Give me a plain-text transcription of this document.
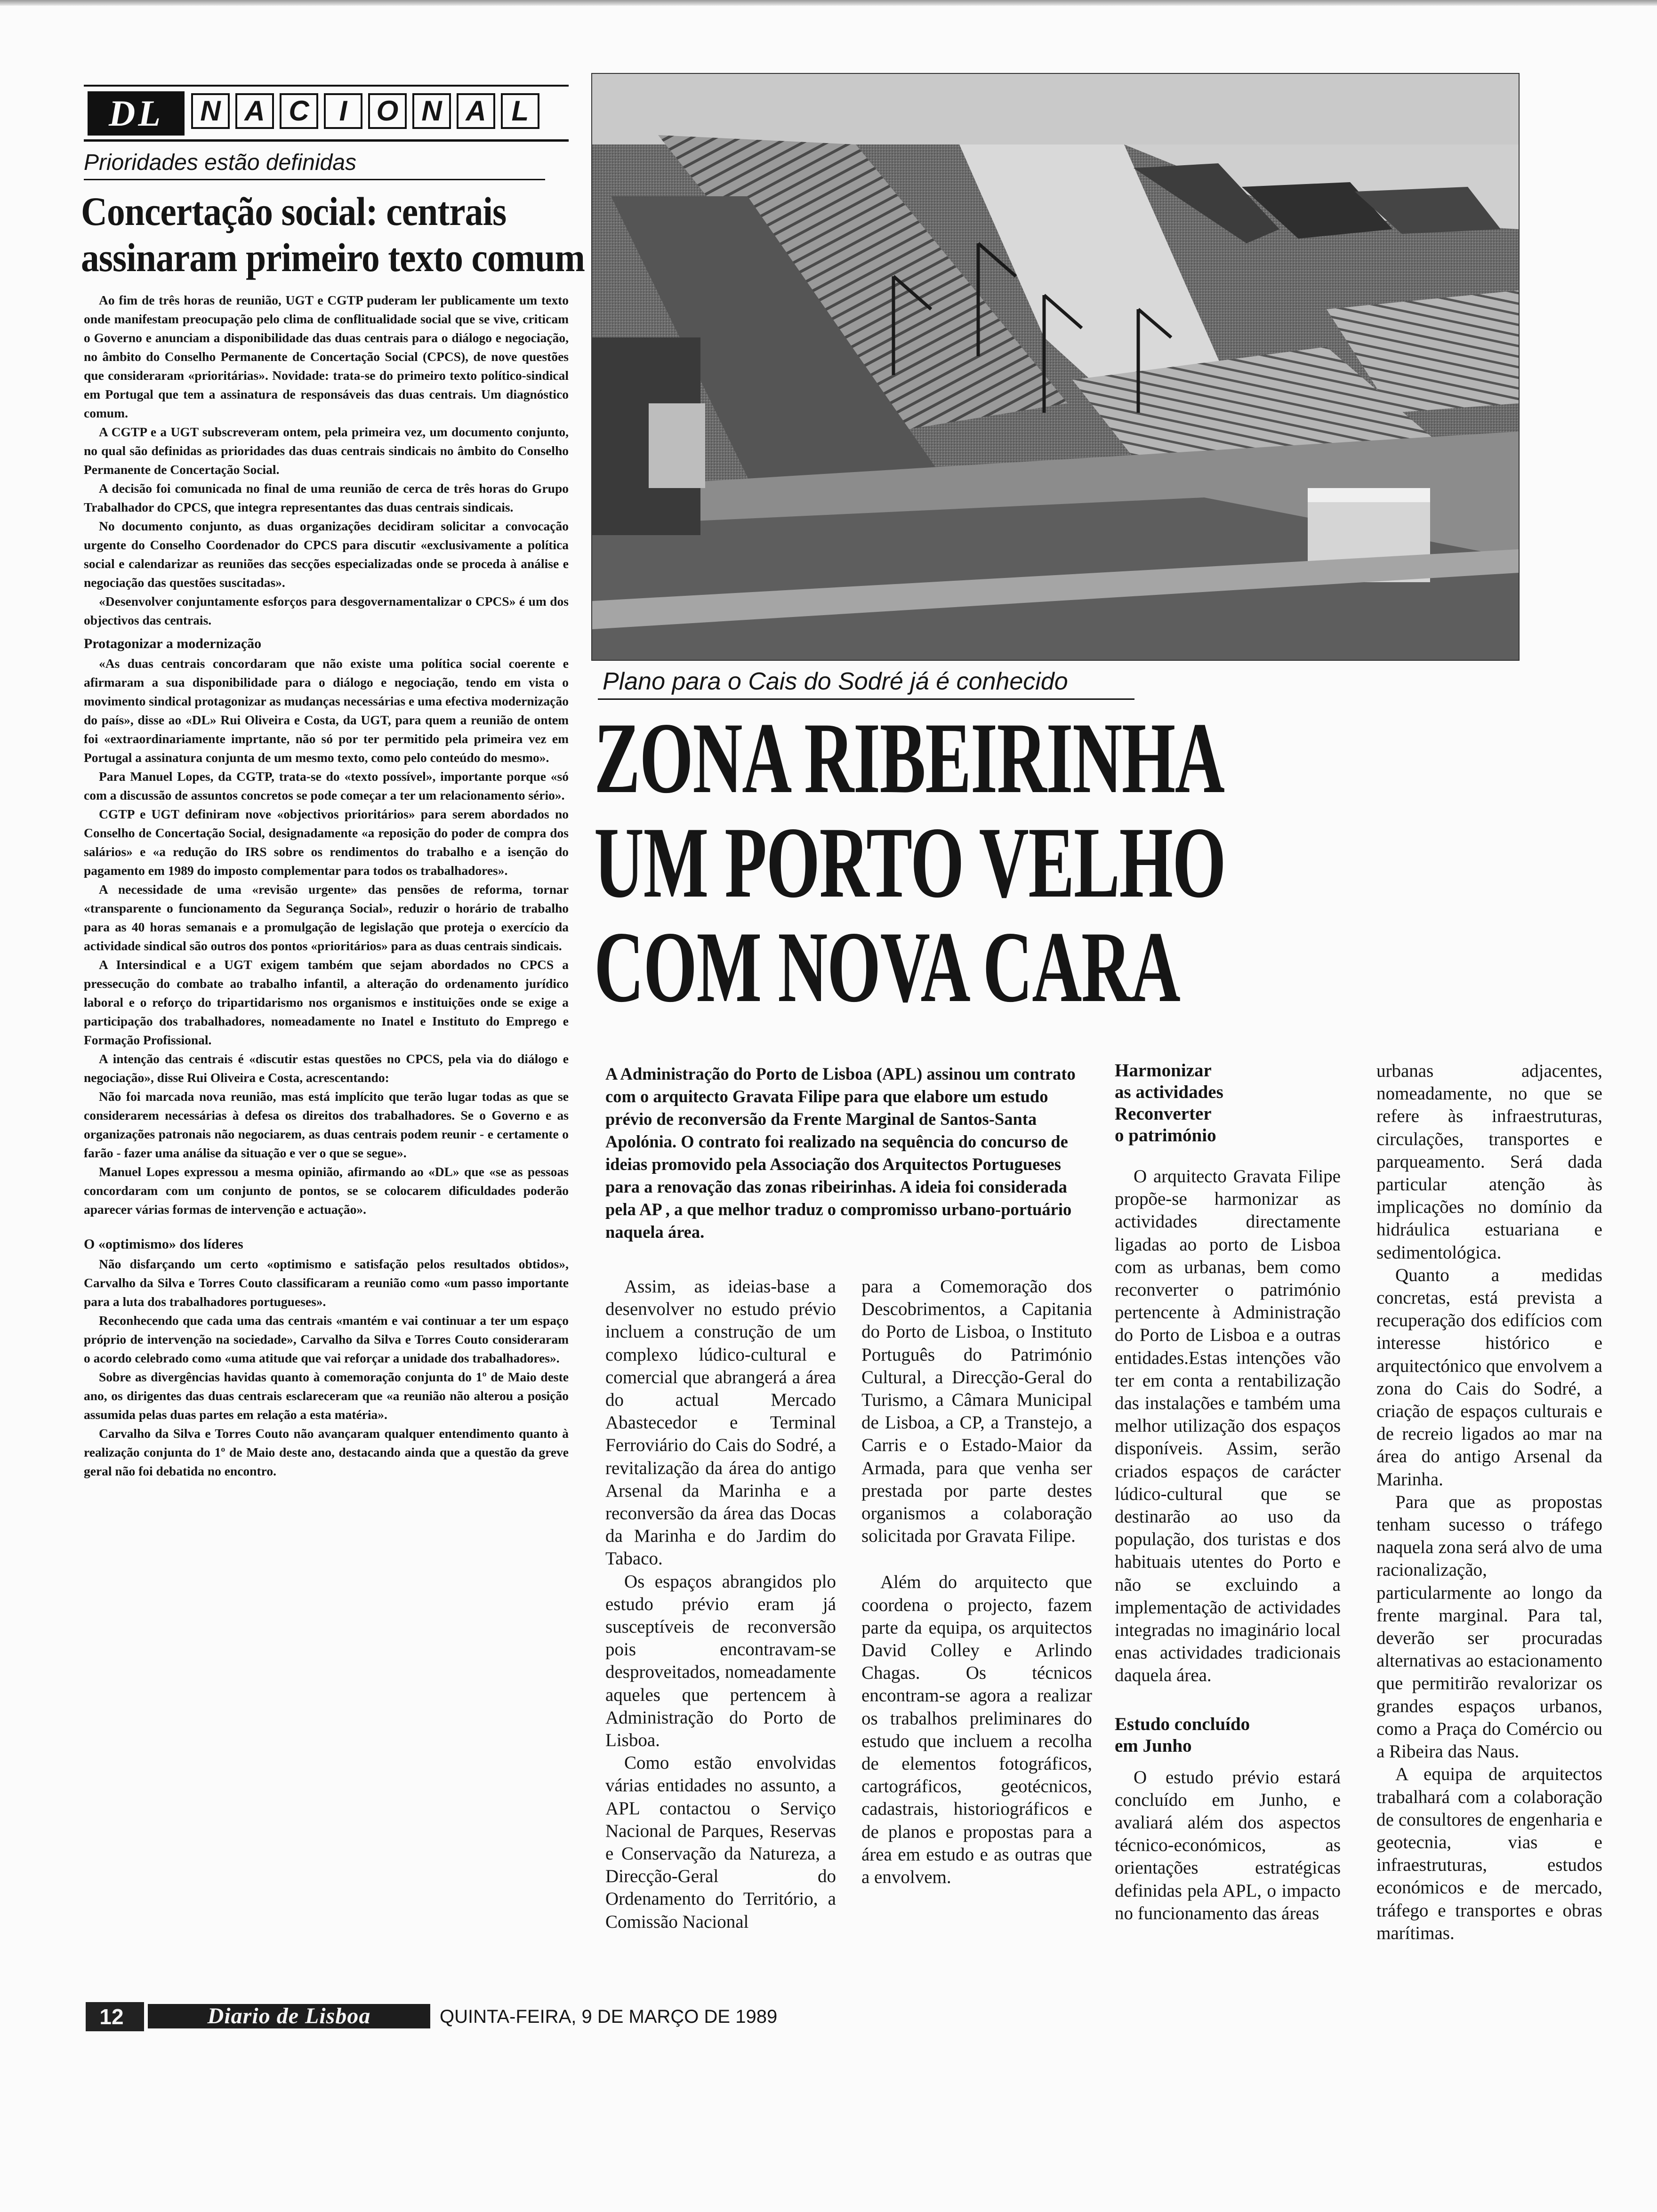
DL	N A C	I	O N A L
Prioridades estão definidas
Concertação social: centrais
assinaram primeiro texto comum

Ao fim de três horas de reunião, UGT e CGTP puderam ler publicamente um texto onde manifestam preocupação pelo clima de conflitualidade social que se vive, criticam o Governo e anunciam a disponibilidade das duas centrais para o diálogo e negociação, no âmbito do Conselho Permanente de Concertação Social (CPCS), de nove questões que consideraram «prioritárias». Novidade: trata-se do primeiro texto político-sindical em Portugal que tem a assinatura de responsáveis das duas centrais. Um diagnóstico comum.

A CGTP e a UGT subscreveram ontem, pela primeira vez, um documento conjunto, no qual são definidas as prioridades das duas centrais sindicais no âmbito do Conselho Permanente de Concertação Social.

A decisão foi comunicada no final de uma reunião de cerca de três horas do Grupo Trabalhador do CPCS, que integra representantes das duas centrais sindicais.

No documento conjunto, as duas organizações decidiram solicitar a convocação urgente do Conselho Coordenador do CPCS para discutir «exclusivamente a política social e calendarizar as reuniões das secções especializadas onde se proceda à análise e negociação das questões suscitadas».

«Desenvolver conjuntamente esforços para desgovernamentalizar o CPCS» é um dos objectivos das centrais.

Protagonizar a modernização

«As duas centrais concordaram que não existe uma política social coerente e afirmaram a sua disponibilidade para o diálogo e negociação, tendo em vista o movimento sindical protagonizar as mudanças necessárias e uma efectiva modernização do país», disse ao «DL» Rui Oliveira e Costa, da UGT, para quem a reunião de ontem foi «extraordinariamente imprtante, não só por ter permitido pela primeira vez em Portugal a assinatura conjunta de um mesmo texto, como pelo conteúdo do mesmo».

Para Manuel Lopes, da CGTP, trata-se do «texto possível», importante porque «só com a discussão de assuntos concretos se pode começar a ter um relacionamento sério».

CGTP e UGT definiram nove «objectivos prioritários» para serem abordados no Conselho de Concertação Social, designadamente «a reposição do poder de compra dos salários» e «a redução do IRS sobre os rendimentos do trabalho e a isenção do pagamento em 1989 do imposto complementar para todos os trabalhadores».

A necessidade de uma «revisão urgente» das pensões de reforma, tornar «transparente o funcionamento da Segurança Social», reduzir o horário de trabalho para as 40 horas semanais e a promulgação de legislação que proteja o exercício da actividade sindical são outros dos pontos «prioritários» para as duas centrais sindicais.

A Intersindical e a UGT exigem também que sejam abordados no CPCS a pressecução do combate ao trabalho infantil, a alteração do ordenamento jurídico laboral e o reforço do tripartidarismo nos organismos e instituições onde se exige a participação dos trabalhadores, nomeadamente no Inatel e Instituto do Emprego e Formação Profissional.

A intenção das centrais é «discutir estas questões no CPCS, pela via do diálogo e negociação», disse Rui Oliveira e Costa, acrescentando:

Não foi marcada nova reunião, mas está implícito que terão lugar todas as que se considerarem necessárias à defesa os direitos dos trabalhadores. Se o Governo e as organizações patronais não negociarem, as duas centrais podem reunir - e certamente o farão - fazer uma análise da situação e ver o que se segue».

Manuel Lopes expressou a mesma opinião, afirmando ao «DL» que «se as pessoas concordaram com um conjunto de pontos, se se colocarem dificuldades poderão aparecer várias formas de intervenção e actuação».

O «optimismo» dos líderes

Não disfarçando um certo «optimismo e satisfação pelos resultados obtidos», Carvalho da Silva e Torres Couto classificaram a reunião como «um passo importante para a luta dos trabalhadores portugueses».

Reconhecendo que cada uma das centrais «mantém e vai continuar a ter um espaço próprio de intervenção na sociedade», Carvalho da Silva e Torres Couto consideraram o acordo celebrado como «uma atitude que vai reforçar a unidade dos trabalhadores».

Sobre as divergências havidas quanto à comemoração conjunta do 1º de Maio deste ano, os dirigentes das duas centrais esclareceram que «a reunião não alterou a posição assumida pelas duas partes em relação a esta matéria».

Carvalho da Silva e Torres Couto não avançaram qualquer entendimento quanto à realização conjunta do 1º de Maio deste ano, destacando ainda que a questão da greve geral não foi debatida no encontro.

Plano para o Cais do Sodré já é conhecido
ZONA RIBEIRINHA
UM PORTO VELHO
COM NOVA CARA
A Administração do Porto de Lisboa (APL) assinou um contrato com o arquitecto Gravata Filipe para que elabore um estudo prévio de reconversão da Frente Marginal de Santos-Santa Apolónia. O contrato foi realizado na sequência do concurso de ideias promovido pela Associação dos Arquitectos Portugueses para a renovação das zonas ribeirinhas. A ideia foi considerada pela AP , a que melhor traduz o compromisso urbano-portuário naquela área.

Assim, as ideias-base a desenvolver no estudo prévio incluem a construção de um complexo lúdico-cultural e comercial que abrangerá a área do actual Mercado Abastecedor e Terminal Ferroviário do Cais do Sodré, a revitalização da área do antigo Arsenal da Marinha e a reconversão da área das Docas da Marinha e do Jardim do Tabaco.

Os espaços abrangidos plo estudo prévio eram já susceptíveis de reconversão pois encontravam-se desproveitados, nomeadamente aqueles que pertencem à Administração do Porto de Lisboa.

Como estão envolvidas várias entidades no assunto, a APL contactou o Serviço Nacional de Parques, Reservas e Conservação da Natureza, a Direcção-Geral do Ordenamento do Território, a Comissão Nacional

para a Comemoração dos Descobrimentos, a Capitania do Porto de Lisboa, o Instituto Português do Património Cultural, a Direcção-Geral do Turismo, a Câmara Municipal de Lisboa, a CP, a Transtejo, a Carris e o Estado-Maior da Armada, para que venha ser prestada por parte destes organismos a colaboração solicitada por Gravata Filipe.

Além do arquitecto que coordena o projecto, fazem parte da equipa, os arquitectos David Colley e Arlindo Chagas. Os técnicos encontram-se agora a realizar os trabalhos preliminares do estudo que incluem a recolha de elementos fotográficos, cartográficos, geotécnicos, cadastrais, historiográficos e de planos e propostas para a área em estudo e as outras que a envolvem.

Harmonizar

as actividades

Reconverter

o património

O arquitecto Gravata Filipe propõe-se harmonizar as actividades directamente ligadas ao porto de Lisboa com as urbanas, bem como reconverter o património pertencente à Administração do Porto de Lisboa e a outras entidades.Estas intenções vão ter em conta a rentabilização das instalações e também uma melhor utilização dos espaços disponíveis. Assim, serão criados espaços de carácter lúdico-cultural que se destinarão ao uso da população, dos turistas e dos habituais utentes do Porto e não se excluindo a implementação de actividades integradas no imaginário local enas actividades tradicionais daquela área.

Estudo concluído

em Junho

O estudo prévio estará concluído em Junho, e avaliará além dos aspectos técnico-económicos, as orientações estratégicas definidas pela APL, o impacto no funcionamento das áreas

urbanas adjacentes, nomeadamente, no que se refere às infraestruturas, circulações, transportes e parqueamento. Será dada particular atenção às implicações no domínio da hidráulica estuariana e sedimentológica.

Quanto a medidas concretas, está prevista a recuperação dos edifícios com interesse histórico e arquitectónico que envolvem a zona do Cais do Sodré, a criação de espaços culturais e de recreio ligados ao mar na área do antigo Arsenal da Marinha.

Para que as propostas tenham sucesso o tráfego naquela zona será alvo de uma racionalização, particularmente ao longo da frente marginal. Para tal, deverão ser procuradas alternativas ao estacionamento que permitirão revalorizar os grandes espaços urbanos, como a Praça do Comércio ou a Ribeira das Naus.

A equipa de arquitectos trabalhará com a colaboração de consultores de engenharia e geotecnia, vias e infraestruturas, estudos económicos e de mercado, tráfego e transportes e obras marítimas.

12	Diario de Lisboa	QUINTA-FEIRA, 9 DE MARÇO DE 1989
